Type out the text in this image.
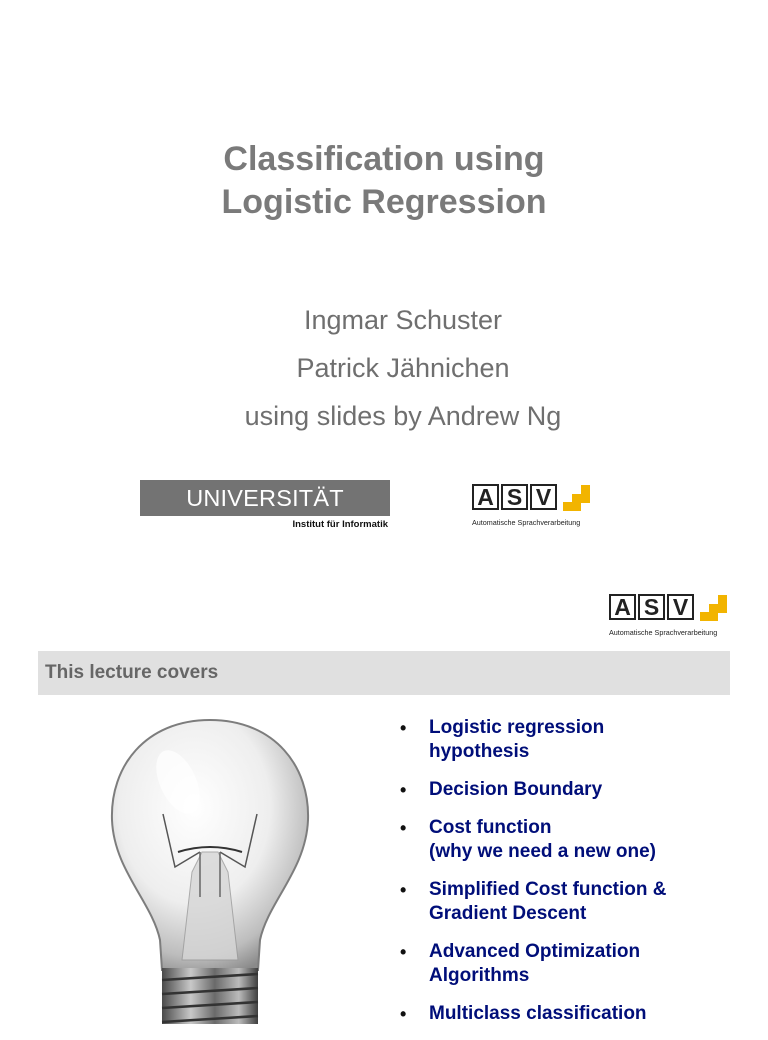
Classification using
Logistic Regression
Ingmar Schuster
Patrick Jähnichen
using slides by Andrew Ng
UNIVERSITÄT LEIPZIG
Institut für Informatik
A S V
Automatische Sprachverarbeitung
A S V
Automatische Sprachverarbeitung
This lecture covers
• Logistic regression
hypothesis
• Decision Boundary
• Cost function
(why we need a new one)
• Simplified Cost function &
Gradient Descent
• Advanced Optimization
Algorithms
• Multiclass classification
